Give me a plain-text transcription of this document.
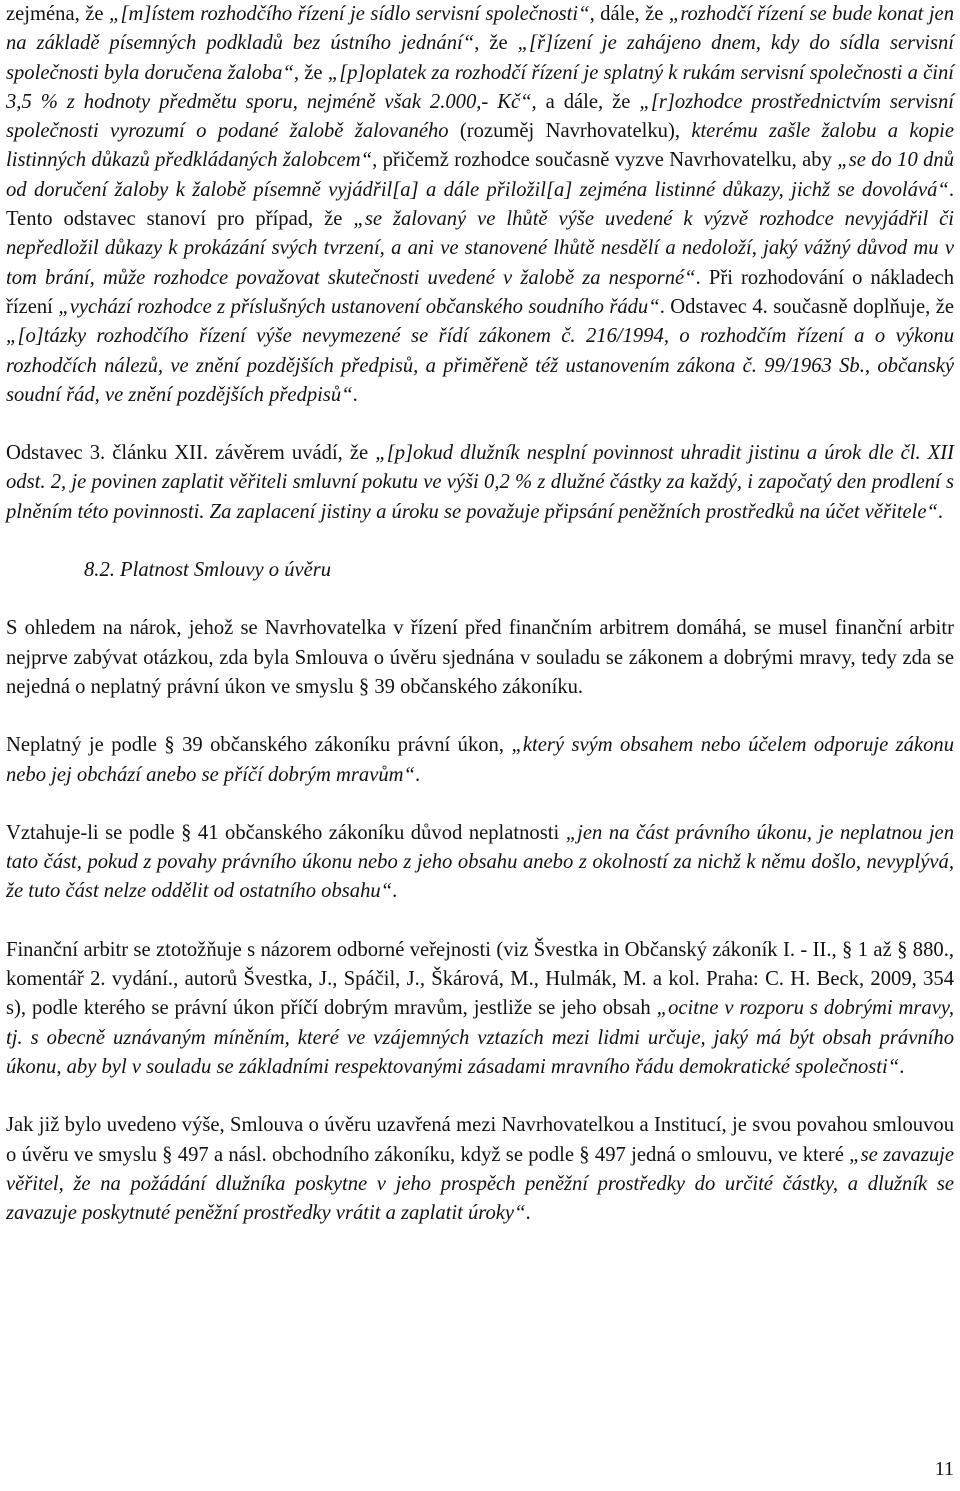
zejména, že „[m]ístem rozhodčího řízení je sídlo servisní společnosti“, dále, že „rozhodčí řízení se bude konat jen na základě písemných podkladů bez ústního jednání“, že „[ř]ízení je zahájeno dnem, kdy do sídla servisní společnosti byla doručena žaloba“, že „[p]oplatek za rozhodčí řízení je splatný k rukám servisní společnosti a činí 3,5 % z hodnoty předmětu sporu, nejméně však 2.000,- Kč“, a dále, že „[r]ozhodce prostřednictvím servisní společnosti vyrozumí o podané žalobě žalovaného (rozuměj Navrhovatelku), kterému zašle žalobu a kopie listinných důkazů předkládaných žalobcem“, přičemž rozhodce současně vyzve Navrhovatelku, aby „se do 10 dnů od doručení žaloby k žalobě písemně vyjádřil[a] a dále přiložil[a] zejména listinné důkazy, jichž se dovolává“. Tento odstavec stanoví pro případ, že „se žalovaný ve lhůtě výše uvedené k výzvě rozhodce nevyjádřil či nepředložil důkazy k prokázání svých tvrzení, a ani ve stanovené lhůtě nesdělí a nedoloží, jaký vážný důvod mu v tom brání, může rozhodce považovat skutečnosti uvedené v žalobě za nesporné“. Při rozhodování o nákladech řízení „vychází rozhodce z příslušných ustanovení občanského soudního řádu“. Odstavec 4. současně doplňuje, že „[o]tázky rozhodčího řízení výše nevymezené se řídí zákonem č. 216/1994, o rozhodčím řízení a o výkonu rozhodčích nálezů, ve znění pozdějších předpisů, a přiměřeně též ustanovením zákona č. 99/1963 Sb., občanský soudní řád, ve znění pozdějších předpisů“.

Odstavec 3. článku XII. závěrem uvádí, že „[p]okud dlužník nesplní povinnost uhradit jistinu a úrok dle čl. XII odst. 2, je povinen zaplatit věřiteli smluvní pokutu ve výši 0,2 % z dlužné částky za každý, i započatý den prodlení s plněním této povinnosti. Za zaplacení jistiny a úroku se považuje připsání peněžních prostředků na účet věřitele“.

8.2. Platnost Smlouvy o úvěru

S ohledem na nárok, jehož se Navrhovatelka v řízení před finančním arbitrem domáhá, se musel finanční arbitr nejprve zabývat otázkou, zda byla Smlouva o úvěru sjednána v souladu se zákonem a dobrými mravy, tedy zda se nejedná o neplatný právní úkon ve smyslu § 39 občanského zákoníku.

Neplatný je podle § 39 občanského zákoníku právní úkon, „který svým obsahem nebo účelem odporuje zákonu nebo jej obchází anebo se příčí dobrým mravům“.

Vztahuje-li se podle § 41 občanského zákoníku důvod neplatnosti „jen na část právního úkonu, je neplatnou jen tato část, pokud z povahy právního úkonu nebo z jeho obsahu anebo z okolností za nichž k němu došlo, nevyplývá, že tuto část nelze oddělit od ostatního obsahu“.

Finanční arbitr se ztotožňuje s názorem odborné veřejnosti (viz Švestka in Občanský zákoník I. - II., § 1 až § 880., komentář 2. vydání., autorů Švestka, J., Spáčil, J., Škárová, M., Hulmák, M. a kol. Praha: C. H. Beck, 2009, 354 s), podle kterého se právní úkon příčí dobrým mravům, jestliže se jeho obsah „ocitne v rozporu s dobrými mravy, tj. s obecně uznávaným míněním, které ve vzájemných vztazích mezi lidmi určuje, jaký má být obsah právního úkonu, aby byl v souladu se základními respektovanými zásadami mravního řádu demokratické společnosti“.

Jak již bylo uvedeno výše, Smlouva o úvěru uzavřená mezi Navrhovatelkou a Institucí, je svou povahou smlouvou o úvěru ve smyslu § 497 a násl. obchodního zákoníku, když se podle § 497 jedná o smlouvu, ve které „se zavazuje věřitel, že na požádání dlužníka poskytne v jeho prospěch peněžní prostředky do určité částky, a dlužník se zavazuje poskytnuté peněžní prostředky vrátit a zaplatit úroky“.

11
